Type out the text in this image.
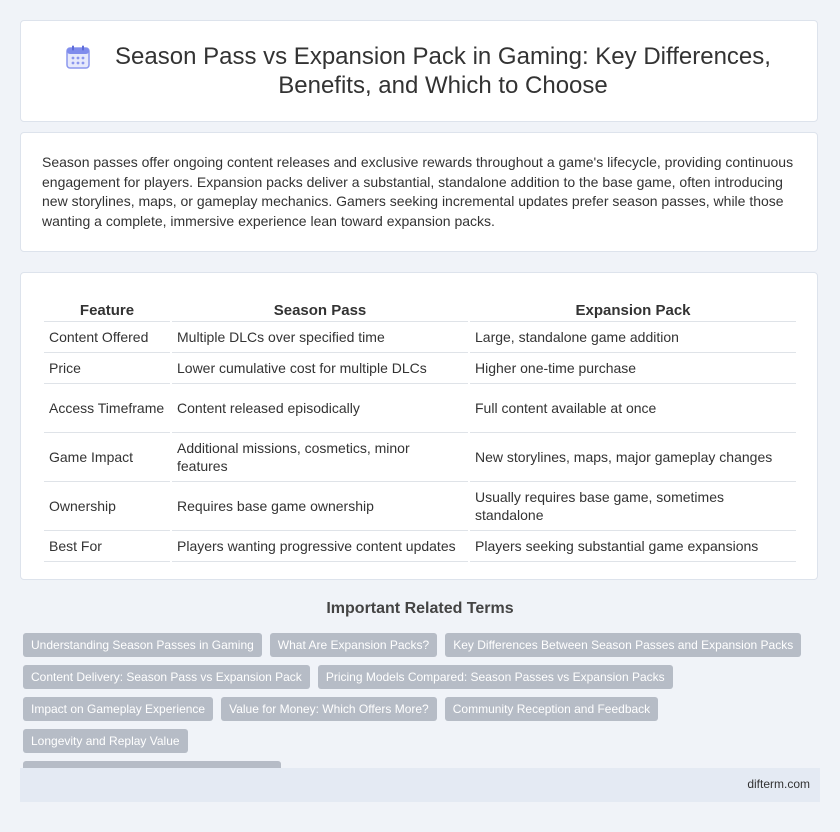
Season Pass vs Expansion Pack in Gaming: Key Differences, Benefits, and Which to Choose

Season passes offer ongoing content releases and exclusive rewards throughout a game's lifecycle, providing continuous engagement for players. Expansion packs deliver a substantial, standalone addition to the base game, often introducing new storylines, maps, or gameplay mechanics. Gamers seeking incremental updates prefer season passes, while those wanting a complete, immersive experience lean toward expansion packs.

Feature	Season Pass	Expansion Pack
Content Offered	Multiple DLCs over specified time	Large, standalone game addition
Price	Lower cumulative cost for multiple DLCs	Higher one-time purchase
Access Timeframe	Content released episodically	Full content available at once
Game Impact	Additional missions, cosmetics, minor features	New storylines, maps, major gameplay changes
Ownership	Requires base game ownership	Usually requires base game, sometimes standalone
Best For	Players wanting progressive content updates	Players seeking substantial game expansions
Important Related Terms
Understanding Season Passes in Gaming	What Are Expansion Packs?	Key Differences Between Season Passes and Expansion Packs
Content Delivery: Season Pass vs Expansion Pack	Pricing Models Compared: Season Passes vs Expansion Packs
Impact on Gameplay Experience	Value for Money: Which Offers More?	Community Reception and Feedback
Longevity and Replay Value
difterm.com
